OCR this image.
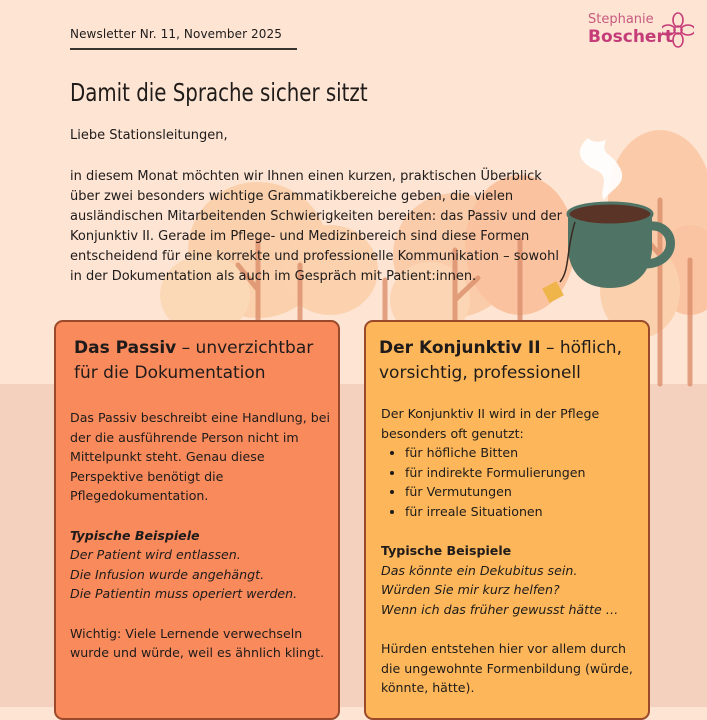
Newsletter Nr. 11, November 2025
Stephanie
Boschert
Damit die Sprache sicher sitzt
Liebe Stationsleitungen,

in diesem Monat möchten wir Ihnen einen kurzen, praktischen Überblick über zwei besonders wichtige Grammatikbereiche geben, die vielen ausländischen Mitarbeitenden Schwierigkeiten bereiten: das Passiv und der Konjunktiv II. Gerade im Pflege- und Medizinbereich sind diese Formen entscheidend für eine korrekte und professionelle Kommunikation – sowohl in der Dokumentation als auch im Gespräch mit Patient:innen.

Das Passiv – unverzichtbar für die Dokumentation

Das Passiv beschreibt eine Handlung, bei der die ausführende Person nicht im Mittelpunkt steht. Genau diese Perspektive benötigt die Pflegedokumentation.

Typische Beispiele

Der Patient wird entlassen.

Die Infusion wurde angehängt.

Die Patientin muss operiert werden.

Wichtig: Viele Lernende verwechseln wurde und würde, weil es ähnlich klingt.

Der Konjunktiv II – höflich, vorsichtig, professionell

Der Konjunktiv II wird in der Pflege besonders oft genutzt:

• für höfliche Bitten
• für indirekte Formulierungen
• für Vermutungen
• für irreale Situationen

Typische Beispiele

Das könnte ein Dekubitus sein.

Würden Sie mir kurz helfen?

Wenn ich das früher gewusst hätte …

Hürden entstehen hier vor allem durch die ungewohnte Formenbildung (würde, könnte, hätte).
